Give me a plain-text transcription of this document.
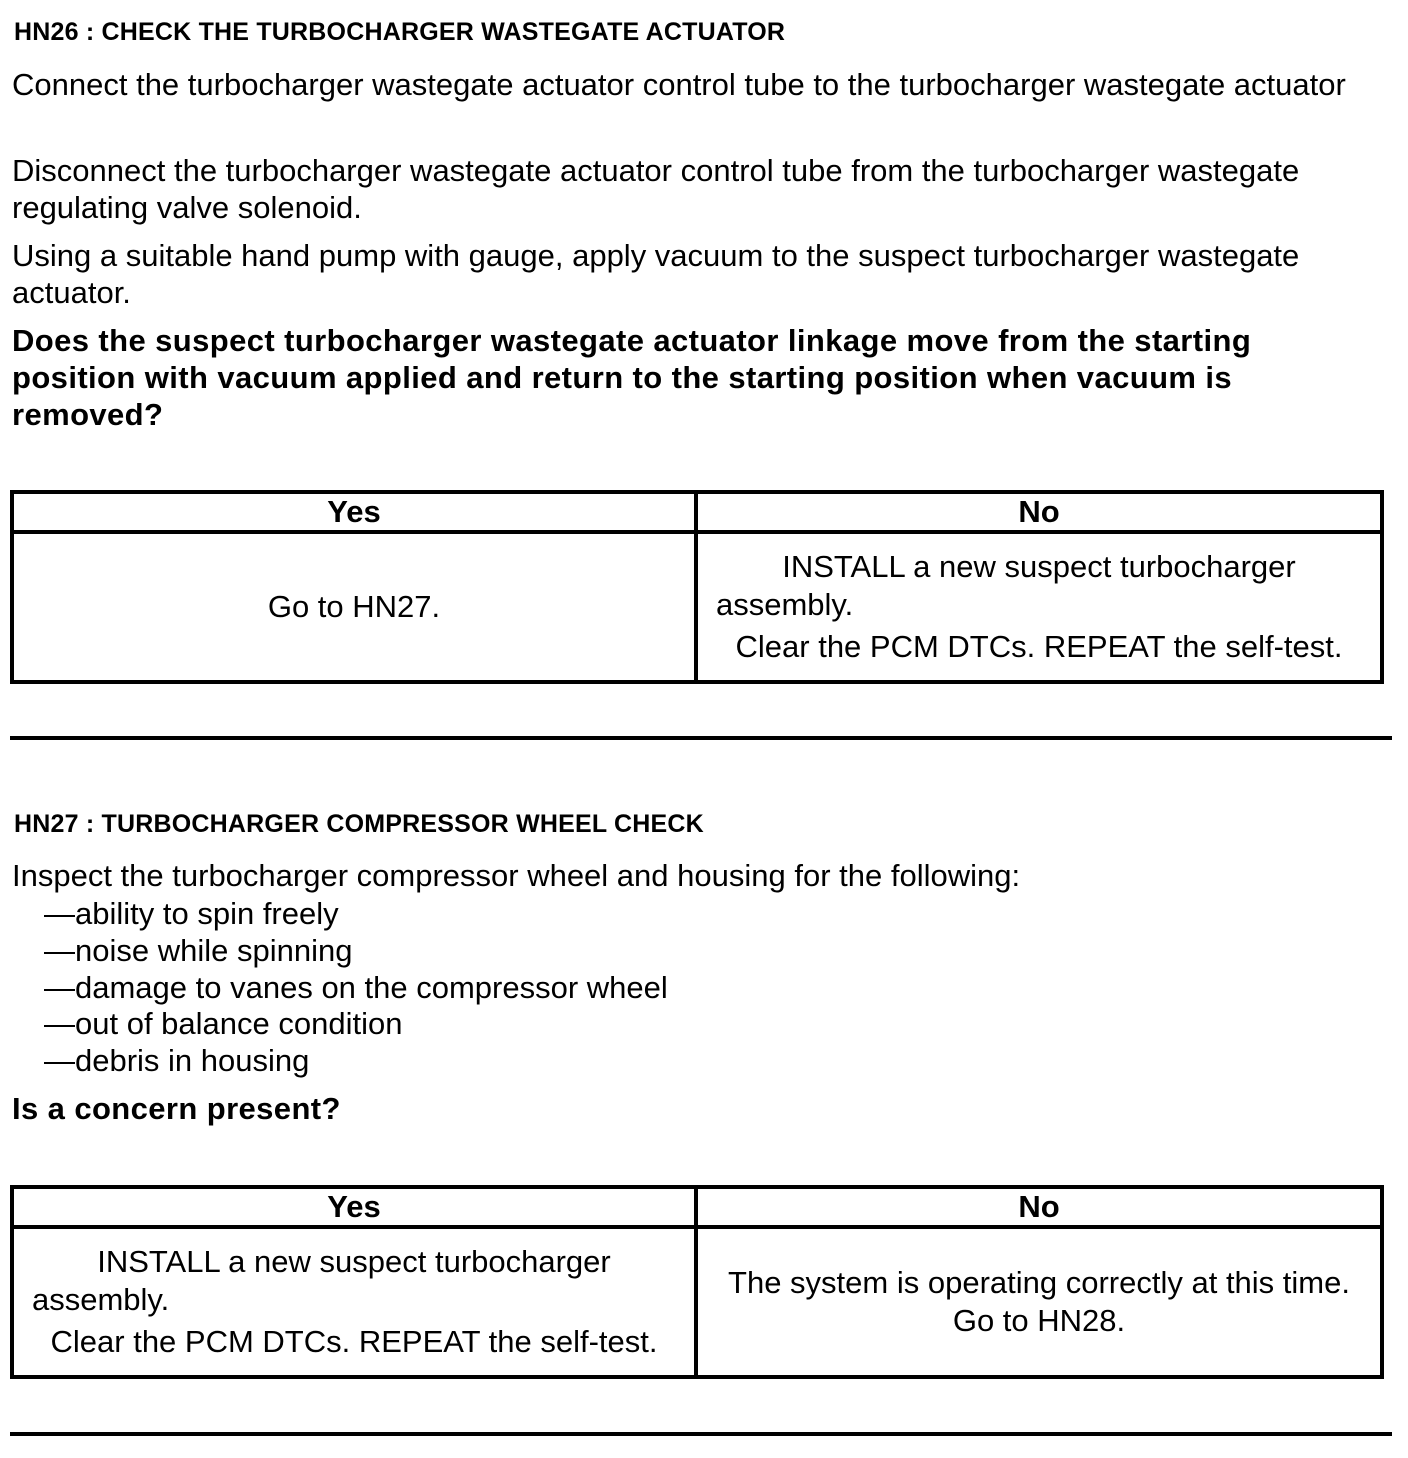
HN26 : CHECK THE TURBOCHARGER WASTEGATE ACTUATOR

Connect the turbocharger wastegate actuator control tube to the turbocharger wastegate actuator

Disconnect the turbocharger wastegate actuator control tube from the turbocharger wastegate regulating valve solenoid.

Using a suitable hand pump with gauge, apply vacuum to the suspect turbocharger wastegate actuator.

Does the suspect turbocharger wastegate actuator linkage move from the starting position with vacuum applied and return to the starting position when vacuum is removed?

Yes	No
Go to HN27.	INSTALL a new suspect turbocharger
assembly.
Clear the PCM DTCs. REPEAT the self-test.
HN27 : TURBOCHARGER COMPRESSOR WHEEL CHECK

Inspect the turbocharger compressor wheel and housing for the following:

—ability to spin freely

—noise while spinning

—damage to vanes on the compressor wheel

—out of balance condition

—debris in housing

Is a concern present?

Yes	No

INSTALL a new suspect turbocharger
assembly.
Clear the PCM DTCs. REPEAT the self-test.	The system is operating correctly at this time.
Go to HN28.
